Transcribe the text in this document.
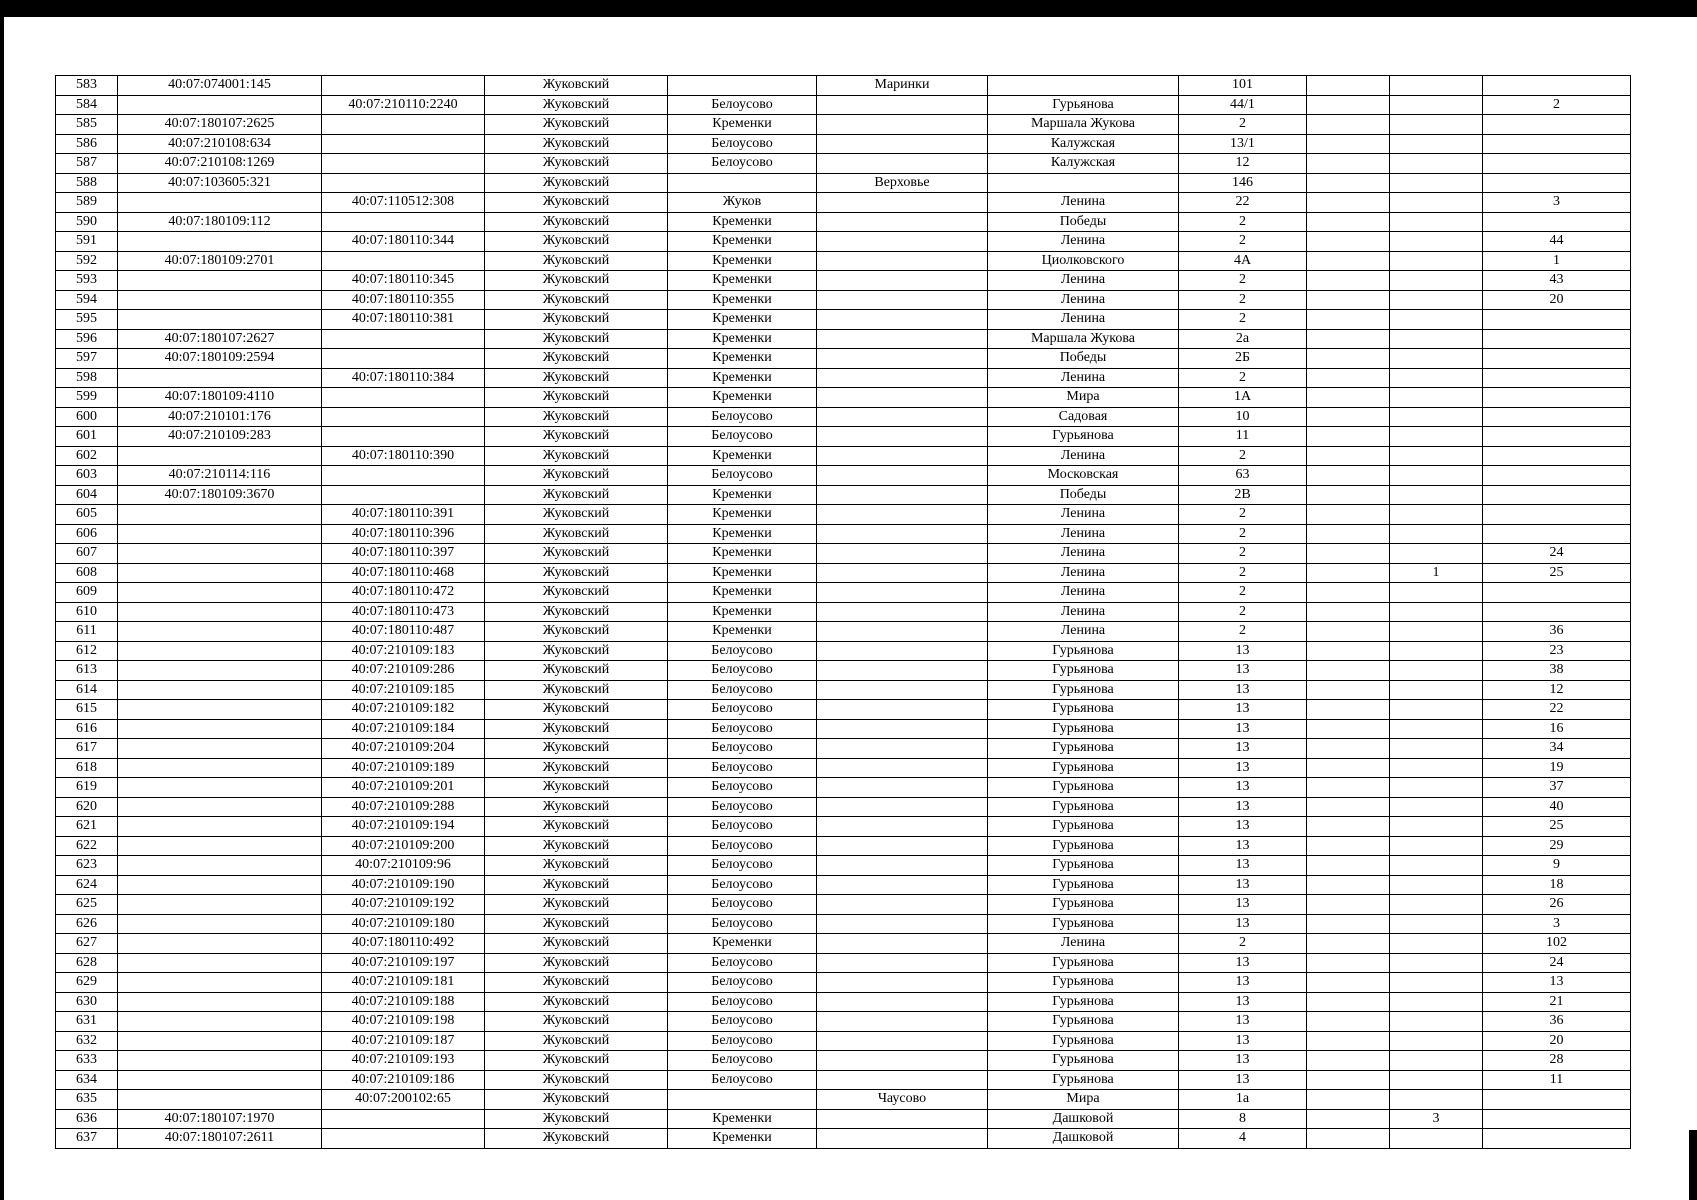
583	40:07:074001:145		Жуковский		Маринки		101			
584		40:07:210110:2240	Жуковский	Белоусово		Гурьянова	44/1			2
585	40:07:180107:2625		Жуковский	Кременки		Маршала Жукова	2			
586	40:07:210108:634		Жуковский	Белоусово		Калужская	13/1			
587	40:07:210108:1269		Жуковский	Белоусово		Калужская	12			
588	40:07:103605:321		Жуковский		Верховье		146			
589		40:07:110512:308	Жуковский	Жуков		Ленина	22			3
590	40:07:180109:112		Жуковский	Кременки		Победы	2			
591		40:07:180110:344	Жуковский	Кременки		Ленина	2			44
592	40:07:180109:2701		Жуковский	Кременки		Циолковского	4А			1
593		40:07:180110:345	Жуковский	Кременки		Ленина	2			43
594		40:07:180110:355	Жуковский	Кременки		Ленина	2			20
595		40:07:180110:381	Жуковский	Кременки		Ленина	2			
596	40:07:180107:2627		Жуковский	Кременки		Маршала Жукова	2а			
597	40:07:180109:2594		Жуковский	Кременки		Победы	2Б			
598		40:07:180110:384	Жуковский	Кременки		Ленина	2			
599	40:07:180109:4110		Жуковский	Кременки		Мира	1А			
600	40:07:210101:176		Жуковский	Белоусово		Садовая	10			
601	40:07:210109:283		Жуковский	Белоусово		Гурьянова	11			
602		40:07:180110:390	Жуковский	Кременки		Ленина	2			
603	40:07:210114:116		Жуковский	Белоусово		Московская	63			
604	40:07:180109:3670		Жуковский	Кременки		Победы	2В			
605		40:07:180110:391	Жуковский	Кременки		Ленина	2			
606		40:07:180110:396	Жуковский	Кременки		Ленина	2			
607		40:07:180110:397	Жуковский	Кременки		Ленина	2			24
608		40:07:180110:468	Жуковский	Кременки		Ленина	2		1	25
609		40:07:180110:472	Жуковский	Кременки		Ленина	2			
610		40:07:180110:473	Жуковский	Кременки		Ленина	2			
611		40:07:180110:487	Жуковский	Кременки		Ленина	2			36
612		40:07:210109:183	Жуковский	Белоусово		Гурьянова	13			23
613		40:07:210109:286	Жуковский	Белоусово		Гурьянова	13			38
614		40:07:210109:185	Жуковский	Белоусово		Гурьянова	13			12
615		40:07:210109:182	Жуковский	Белоусово		Гурьянова	13			22
616		40:07:210109:184	Жуковский	Белоусово		Гурьянова	13			16
617		40:07:210109:204	Жуковский	Белоусово		Гурьянова	13			34
618		40:07:210109:189	Жуковский	Белоусово		Гурьянова	13			19
619		40:07:210109:201	Жуковский	Белоусово		Гурьянова	13			37
620		40:07:210109:288	Жуковский	Белоусово		Гурьянова	13			40
621		40:07:210109:194	Жуковский	Белоусово		Гурьянова	13			25
622		40:07:210109:200	Жуковский	Белоусово		Гурьянова	13			29
623		40:07:210109:96	Жуковский	Белоусово		Гурьянова	13			9
624		40:07:210109:190	Жуковский	Белоусово		Гурьянова	13			18
625		40:07:210109:192	Жуковский	Белоусово		Гурьянова	13			26
626		40:07:210109:180	Жуковский	Белоусово		Гурьянова	13			3
627		40:07:180110:492	Жуковский	Кременки		Ленина	2			102
628		40:07:210109:197	Жуковский	Белоусово		Гурьянова	13			24
629		40:07:210109:181	Жуковский	Белоусово		Гурьянова	13			13
630		40:07:210109:188	Жуковский	Белоусово		Гурьянова	13			21
631		40:07:210109:198	Жуковский	Белоусово		Гурьянова	13			36
632		40:07:210109:187	Жуковский	Белоусово		Гурьянова	13			20
633		40:07:210109:193	Жуковский	Белоусово		Гурьянова	13			28
634		40:07:210109:186	Жуковский	Белоусово		Гурьянова	13			11
635		40:07:200102:65	Жуковский		Чаусово	Мира	1а			
636	40:07:180107:1970		Жуковский	Кременки		Дашковой	8		3	
637	40:07:180107:2611		Жуковский	Кременки		Дашковой	4			
